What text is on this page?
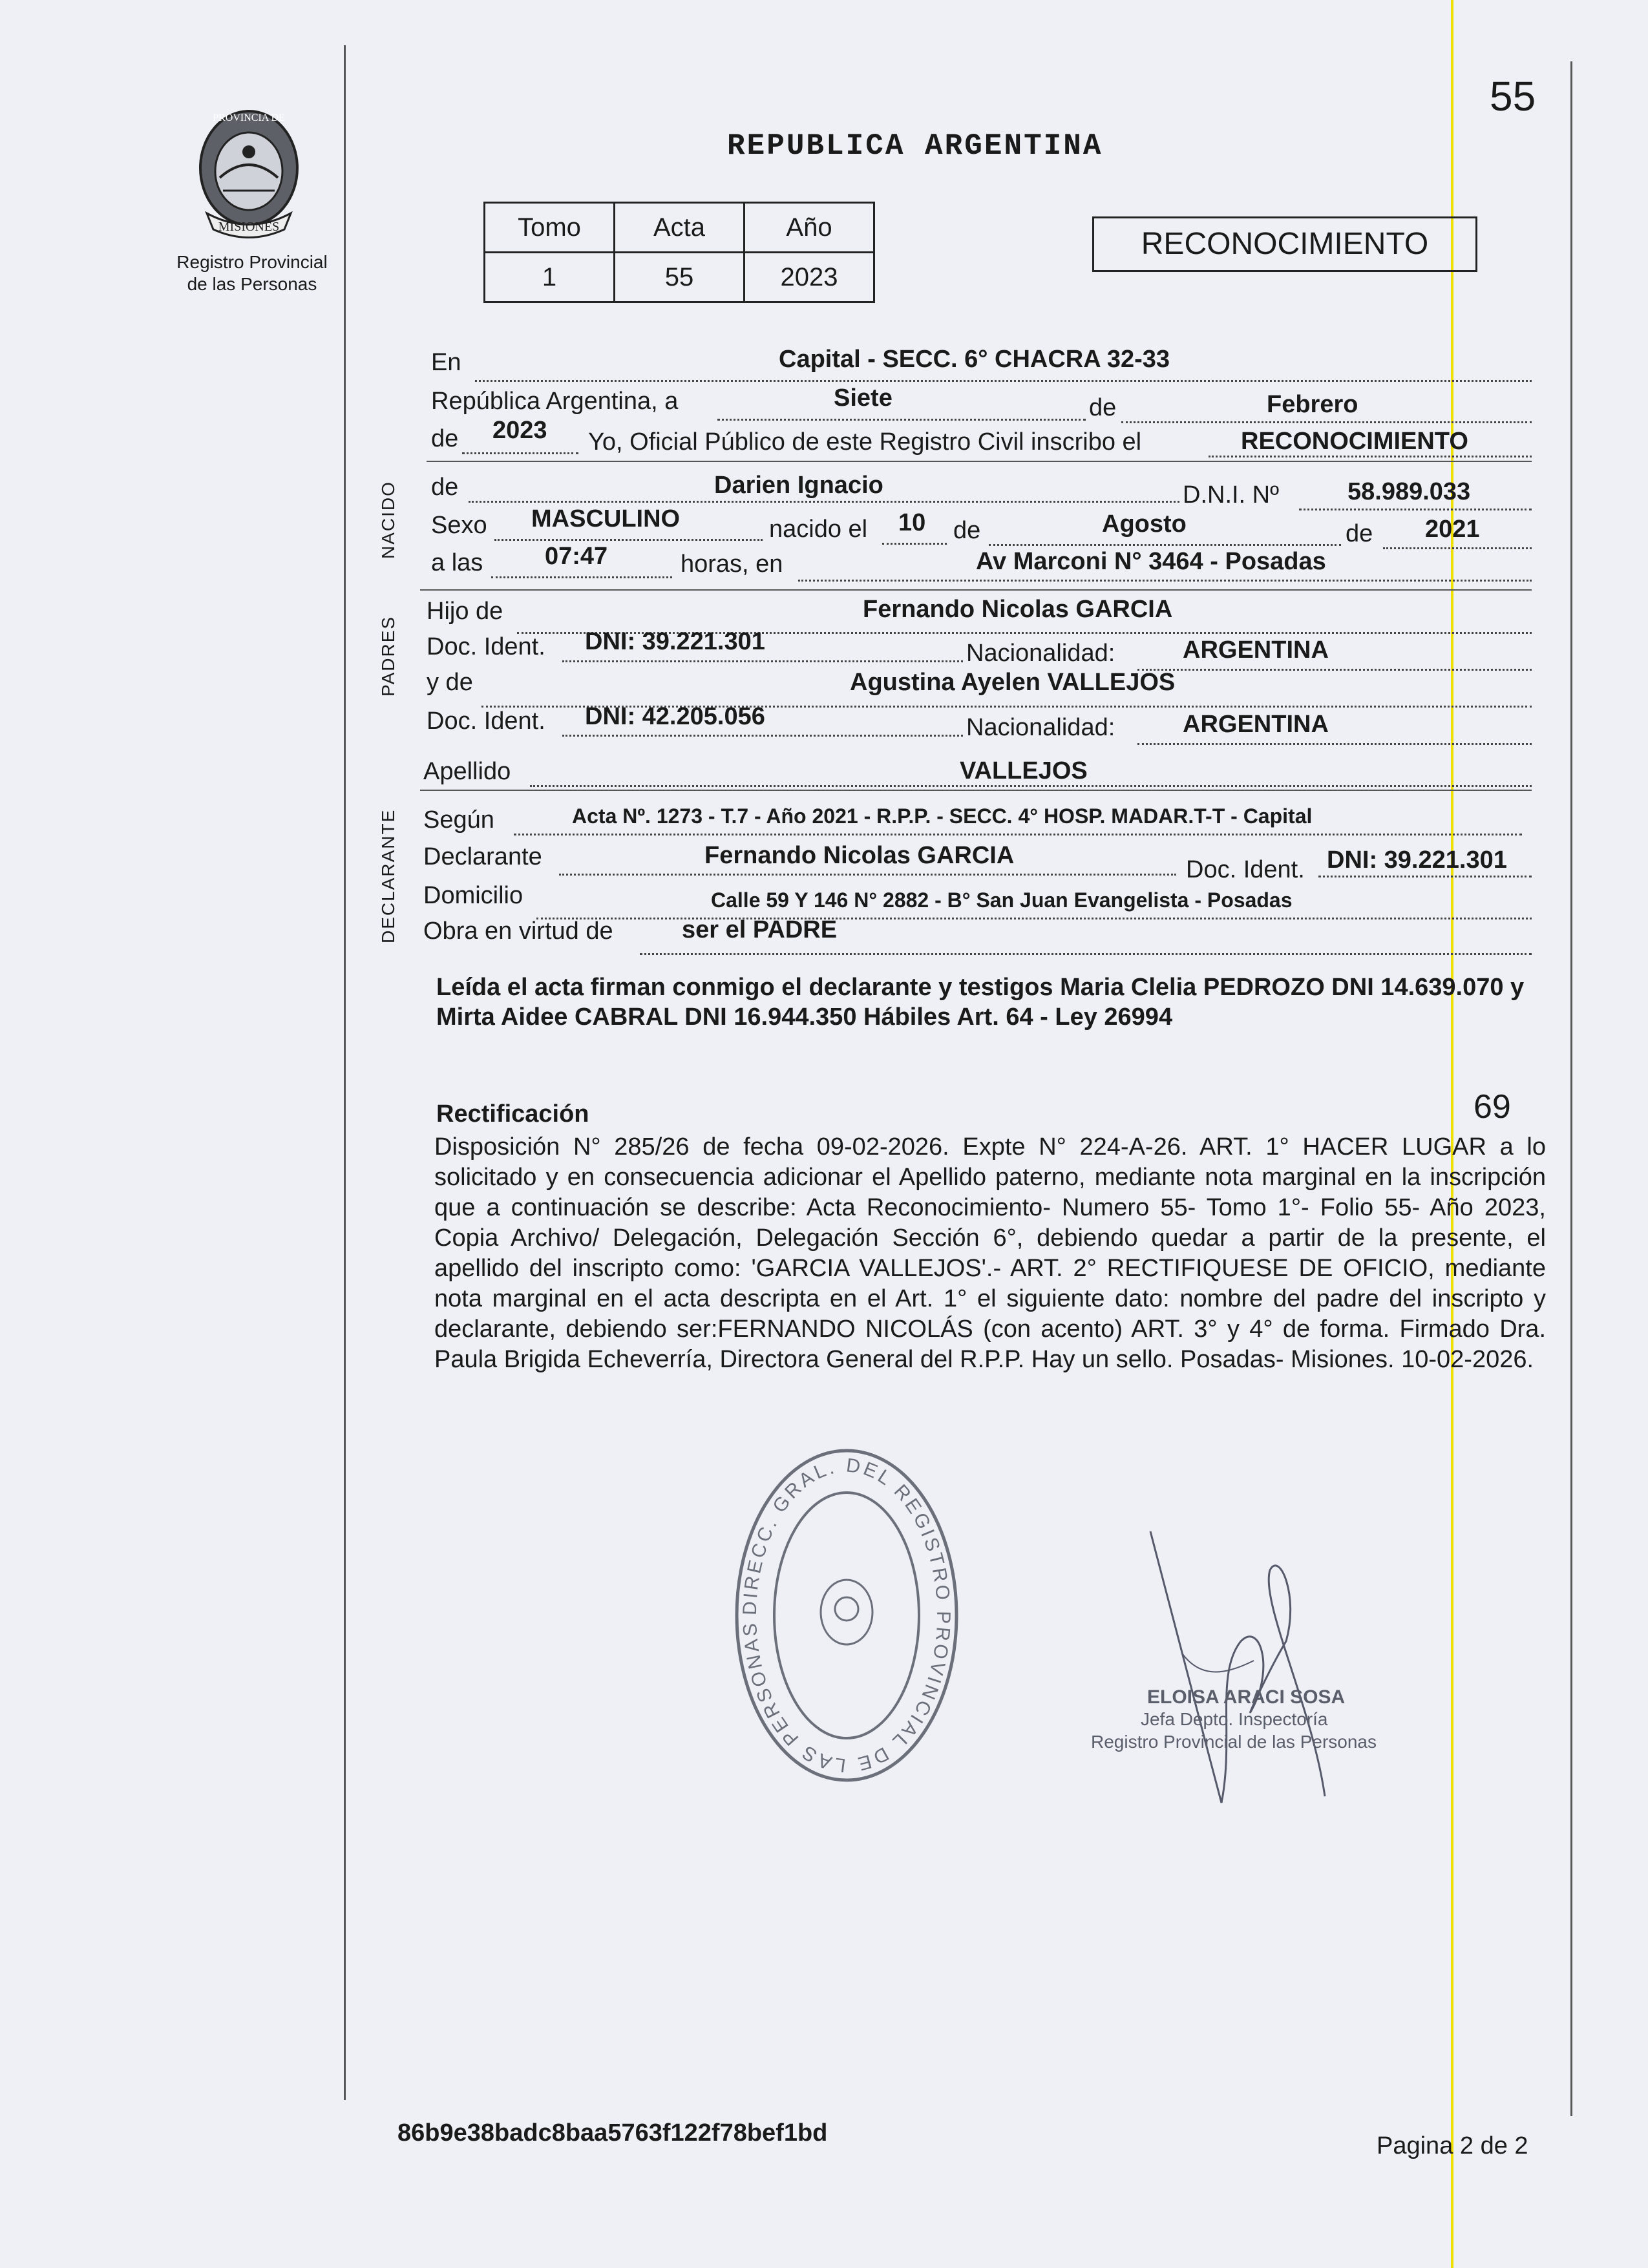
55
MISIONES
PROVINCIA DE
Registro Provincial
de las Personas
REPUBLICA ARGENTINA
Tomo	Acta	Año
1	55	2023
RECONOCIMIENTO
NACIDO
PADRES
DECLARANTE
En	Capital - SECC. 6° CHACRA 32-33
República Argentina, a	Siete	de	Febrero
de 2023 Yo, Oficial Público de este Registro Civil inscribo el	RECONOCIMIENTO
de	Darien Ignacio	D.N.I. Nº	58.989.033
Sexo MASCULINO	nacido el 10 de	Agosto	de 2021
a las	07:47	horas, en	Av Marconi N° 3464 - Posadas
Hijo de	Fernando Nicolas GARCIA
Doc. Ident. DNI: 39.221.301	Nacionalidad:	ARGENTINA
y de	Agustina Ayelen VALLEJOS
Doc. Ident. DNI: 42.205.056	Nacionalidad:	ARGENTINA
Apellido	VALLEJOS
Según	Acta Nº. 1273 - T.7 - Año 2021 - R.P.P. - SECC. 4° HOSP. MADAR.T-T - Capital
Declarante	Fernando Nicolas GARCIA
Doc. Ident. DNI: 39.221.301
Domicilio	Calle 59 Y 146 N° 2882 - B° San Juan Evangelista - Posadas
Obra en virtud de	ser el PADRE
Leída el acta firman conmigo el declarante y testigos Maria Clelia PEDROZO DNI 14.639.070 y Mirta Aidee CABRAL DNI 16.944.350 Hábiles Art. 64 - Ley 26994
Rectificación	69
Disposición N° 285/26 de fecha 09-02-2026. Expte N° 224-A-26. ART. 1° HACER LUGAR a lo solicitado y en consecuencia adicionar el Apellido paterno, mediante nota marginal en la inscripción que a continuación se describe: Acta Reconocimiento- Numero 55- Tomo 1°- Folio 55- Año 2023, Copia Archivo/ Delegación, Delegación Sección 6°, debiendo quedar a partir de la presente, el apellido del inscripto como: 'GARCIA VALLEJOS'.- ART. 2° RECTIFIQUESE DE OFICIO, mediante nota marginal en el acta descripta en el Art. 1° el siguiente dato: nombre del padre del inscripto y declarante, debiendo ser:FERNANDO NICOLÁS (con acento) ART. 3° y 4° de forma. Firmado Dra. Paula Brigida Echeverría, Directora General del R.P.P. Hay un sello. Posadas- Misiones. 10-02-2026.
DIRECC. GRAL. DEL REGISTRO PROVINCIAL DE LAS PERSONAS
ELOISA ARACI SOSA
Jefa Depto. Inspectoría
Registro Provincial de las Personas
86b9e38badc8baa5763f122f78bef1bd	Pagina 2 de 2
